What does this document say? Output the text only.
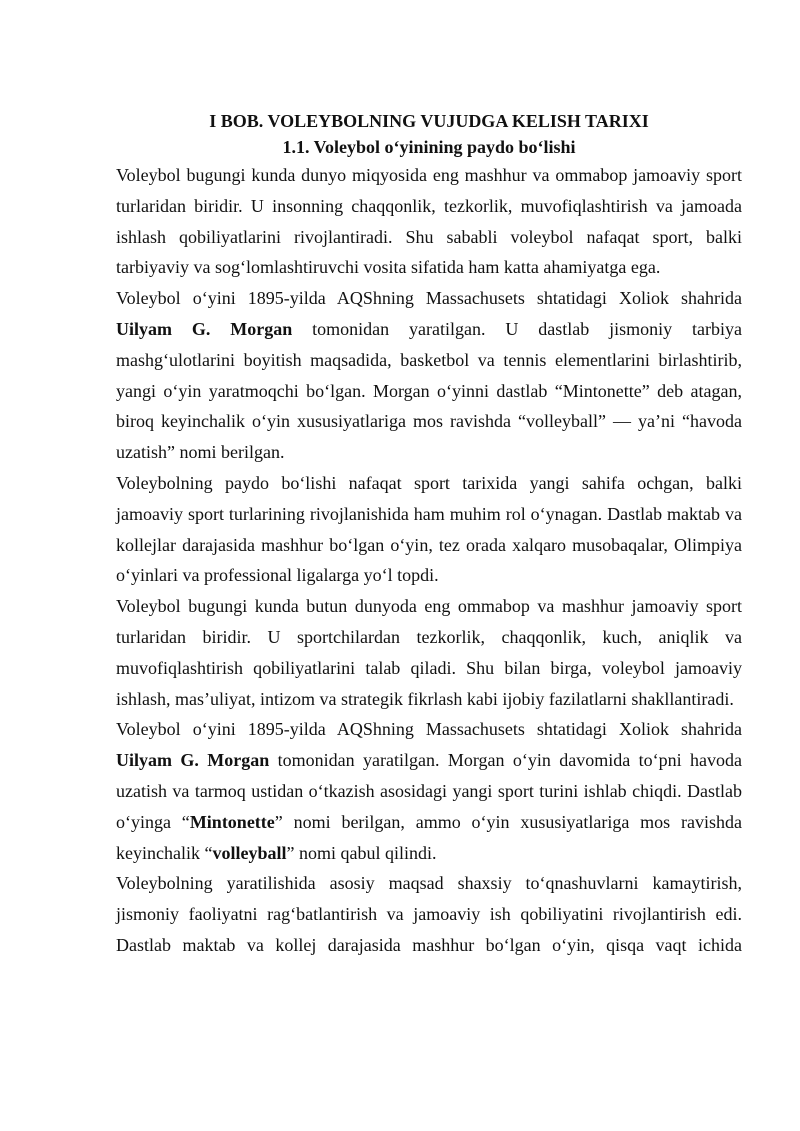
I BOB. VOLEYBOLNING VUJUDGA KELISH TARIXI
1.1. Voleybol o‘yinining paydo bo‘lishi

Voleybol bugungi kunda dunyo miqyosida eng mashhur va ommabop jamoaviy sport turlaridan biridir. U insonning chaqqonlik, tezkorlik, muvofiqlashtirish va jamoada ishlash qobiliyatlarini rivojlantiradi. Shu sababli voleybol nafaqat sport, balki tarbiyaviy va sog‘lomlashtiruvchi vosita sifatida ham katta ahamiyatga ega.

Voleybol o‘yini 1895-yilda AQShning Massachusets shtatidagi Xoliok shahrida Uilyam G. Morgan tomonidan yaratilgan. U dastlab jismoniy tarbiya mashg‘ulotlarini boyitish maqsadida, basketbol va tennis elementlarini birlashtirib, yangi o‘yin yaratmoqchi bo‘lgan. Morgan o‘yinni dastlab “Mintonette” deb atagan, biroq keyinchalik o‘yin xususiyatlariga mos ravishda “volleyball” — ya’ni “havoda uzatish” nomi berilgan.

Voleybolning paydo bo‘lishi nafaqat sport tarixida yangi sahifa ochgan, balki jamoaviy sport turlarining rivojlanishida ham muhim rol o‘ynagan. Dastlab maktab va kollejlar darajasida mashhur bo‘lgan o‘yin, tez orada xalqaro musobaqalar, Olimpiya o‘yinlari va professional ligalarga yo‘l topdi.

Voleybol bugungi kunda butun dunyoda eng ommabop va mashhur jamoaviy sport turlaridan biridir. U sportchilardan tezkorlik, chaqqonlik, kuch, aniqlik va muvofiqlashtirish qobiliyatlarini talab qiladi. Shu bilan birga, voleybol jamoaviy ishlash, mas’uliyat, intizom va strategik fikrlash kabi ijobiy fazilatlarni shakllantiradi.

Voleybol o‘yini 1895-yilda AQShning Massachusets shtatidagi Xoliok shahrida Uilyam G. Morgan tomonidan yaratilgan. Morgan o‘yin davomida to‘pni havoda uzatish va tarmoq ustidan o‘tkazish asosidagi yangi sport turini ishlab chiqdi. Dastlab o‘yinga “Mintonette” nomi berilgan, ammo o‘yin xususiyatlariga mos ravishda keyinchalik “volleyball” nomi qabul qilindi.

Voleybolning yaratilishida asosiy maqsad shaxsiy to‘qnashuvlarni kamaytirish, jismoniy faoliyatni rag‘batlantirish va jamoaviy ish qobiliyatini rivojlantirish edi. Dastlab maktab va kollej darajasida mashhur bo‘lgan o‘yin, qisqa vaqt ichida
